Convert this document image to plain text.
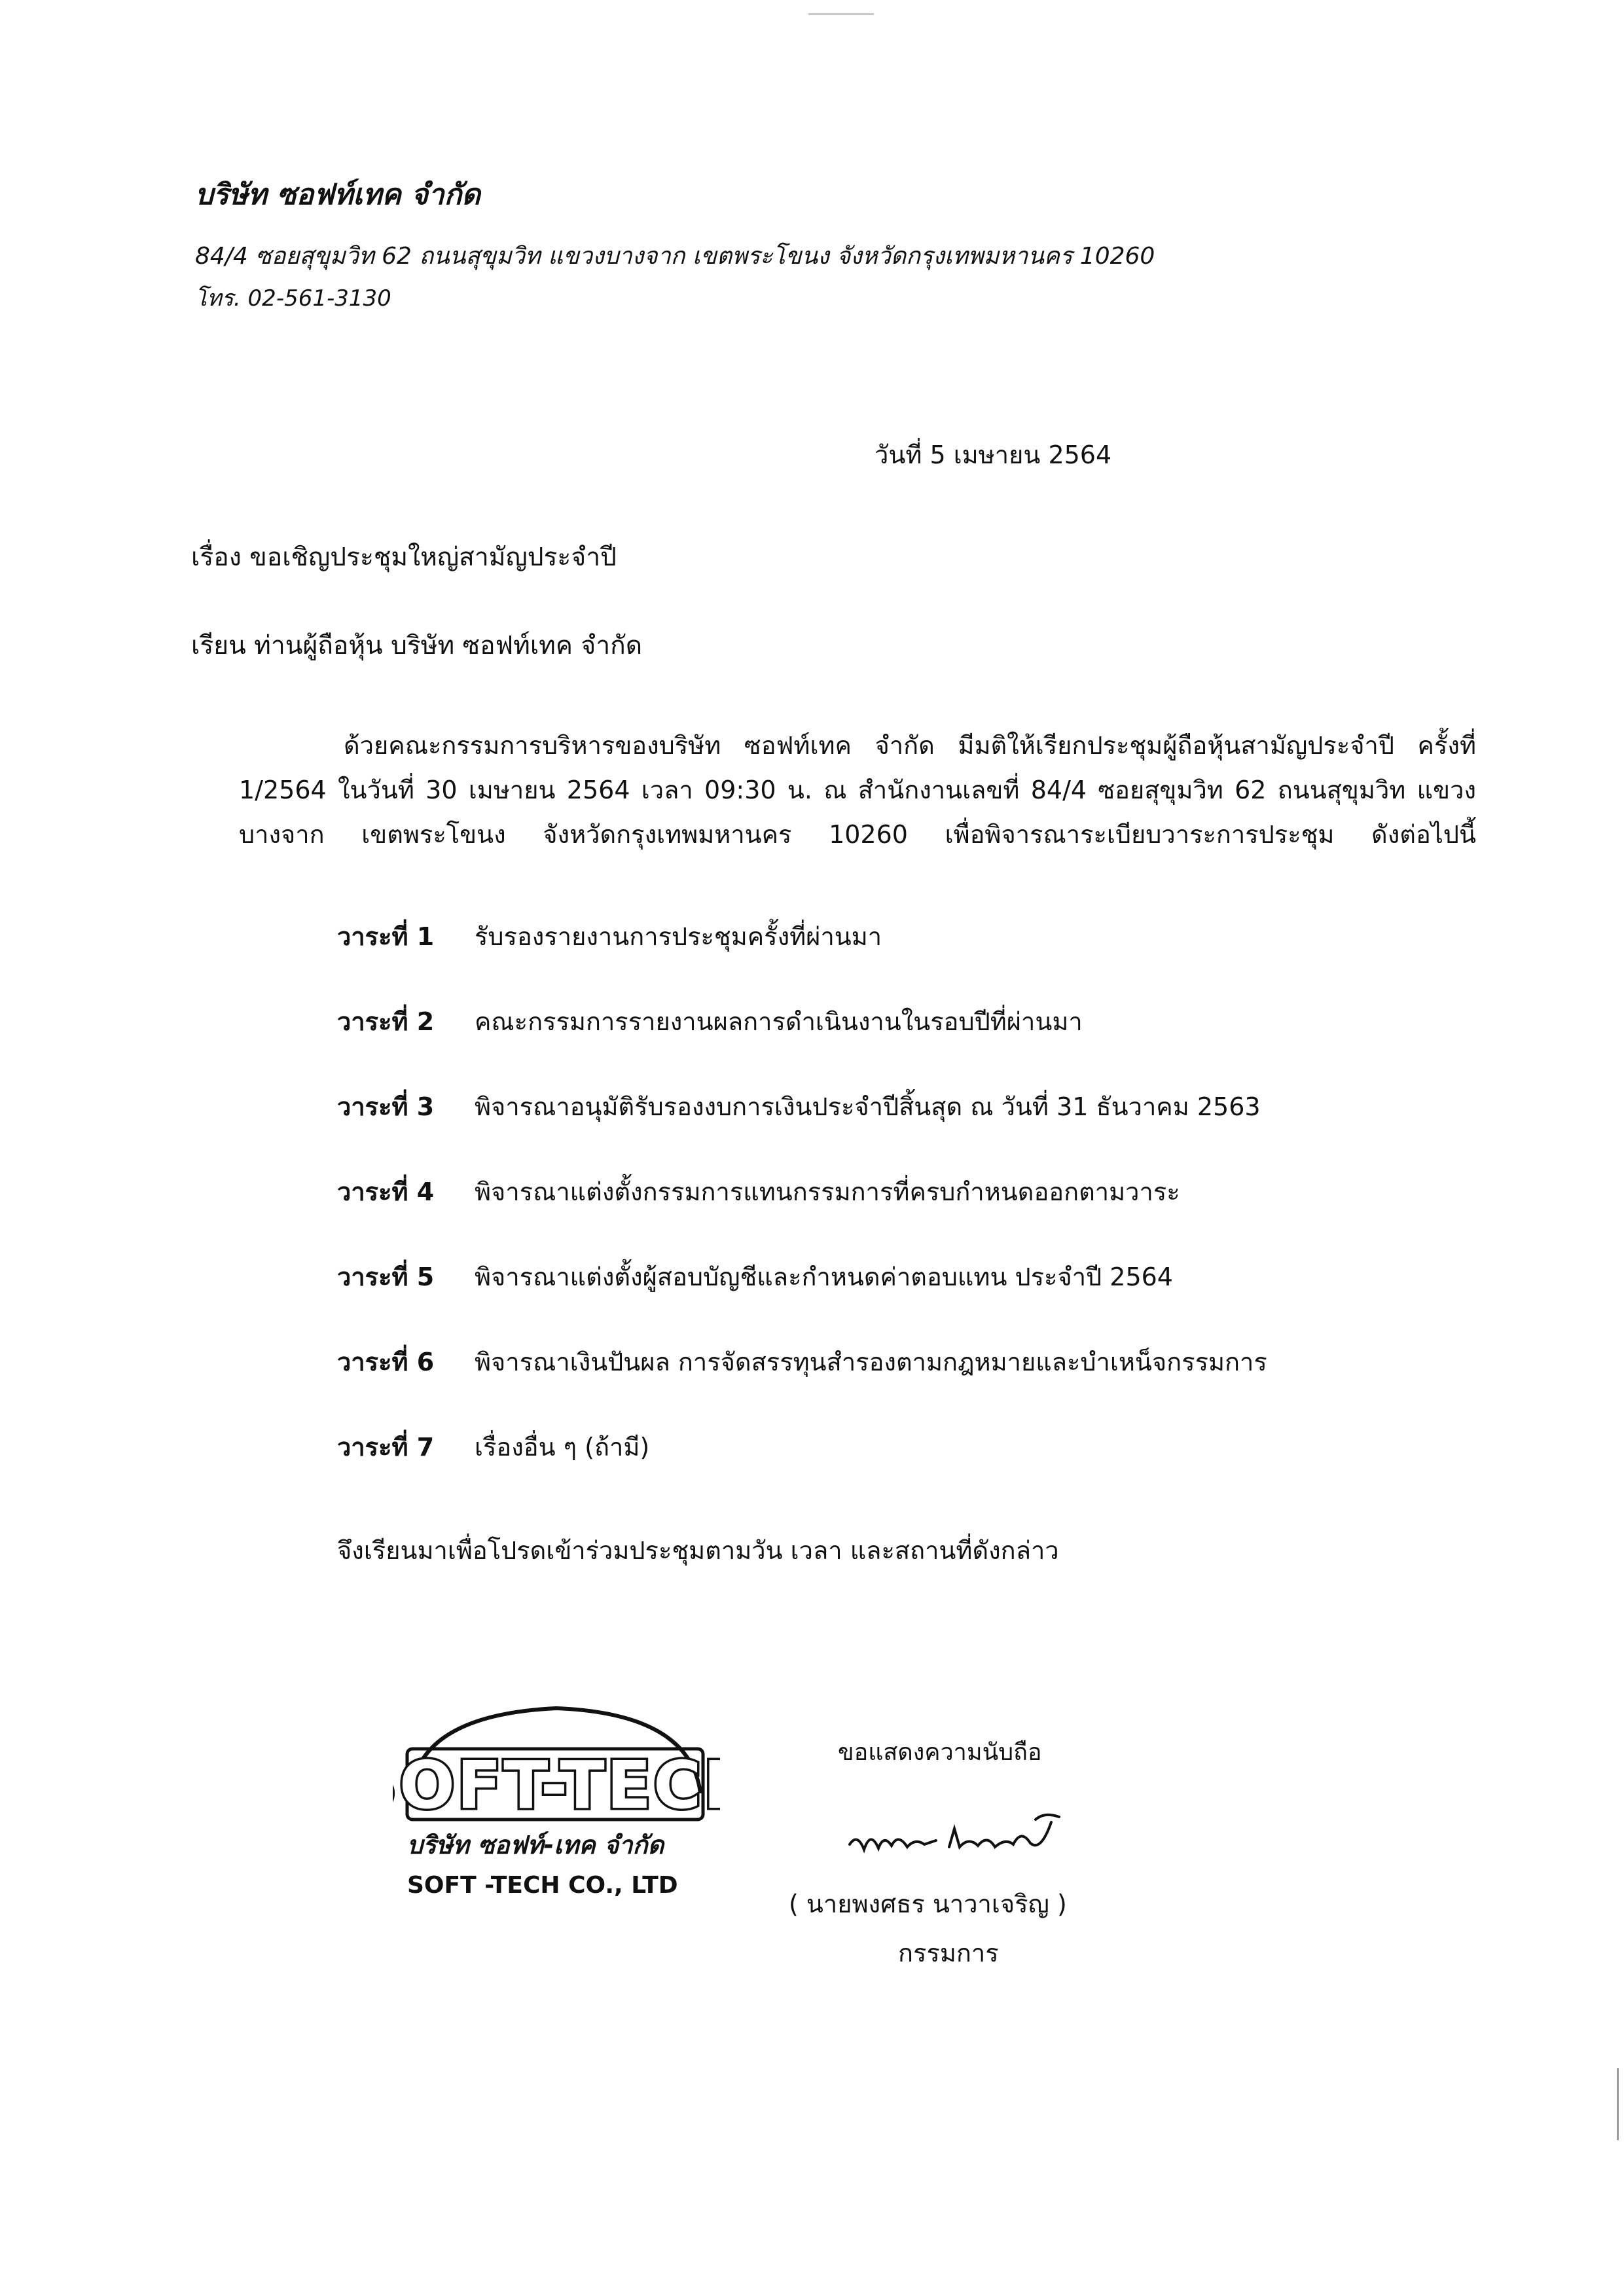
บริษัท ซอฟท์เทค จำกัด
84/4 ซอยสุขุมวิท 62 ถนนสุขุมวิท แขวงบางจาก เขตพระโขนง จังหวัดกรุงเทพมหานคร 10260
โทร. 02-561-3130
วันที่ 5 เมษายน 2564
เรื่อง ขอเชิญประชุมใหญ่สามัญประจำปี
เรียน ท่านผู้ถือหุ้น บริษัท ซอฟท์เทค จำกัด
ด้วยคณะกรรมการบริหารของบริษัท ซอฟท์เทค จำกัด มีมติให้เรียกประชุมผู้ถือหุ้นสามัญประจำปี ครั้งที่ 1/2564 ในวันที่ 30 เมษายน 2564 เวลา 09:30 น. ณ สำนักงานเลขที่ 84/4 ซอยสุขุมวิท 62 ถนนสุขุมวิท แขวงบางจาก เขตพระโขนง จังหวัดกรุงเทพมหานคร 10260 เพื่อพิจารณาระเบียบวาระการประชุม ดังต่อไปนี้
วาระที่ 1	รับรองรายงานการประชุมครั้งที่ผ่านมา
วาระที่ 2	คณะกรรมการรายงานผลการดำเนินงานในรอบปีที่ผ่านมา
วาระที่ 3	พิจารณาอนุมัติรับรองงบการเงินประจำปีสิ้นสุด ณ วันที่ 31 ธันวาคม 2563
วาระที่ 4	พิจารณาแต่งตั้งกรรมการแทนกรรมการที่ครบกำหนดออกตามวาระ
วาระที่ 5	พิจารณาแต่งตั้งผู้สอบบัญชีและกำหนดค่าตอบแทน ประจำปี 2564
วาระที่ 6	พิจารณาเงินปันผล การจัดสรรทุนสำรองตามกฎหมายและบำเหน็จกรรมการ
วาระที่ 7	เรื่องอื่น ๆ (ถ้ามี)
จึงเรียนมาเพื่อโปรดเข้าร่วมประชุมตามวัน เวลา และสถานที่ดังกล่าว
OFT-TEC
OFT-TEC
บริษัท ซอฟท์-เทค จำกัด
SOFT -TECH CO., LTD
ขอแสดงความนับถือ
( นายพงศธร นาวาเจริญ )
กรรมการ
